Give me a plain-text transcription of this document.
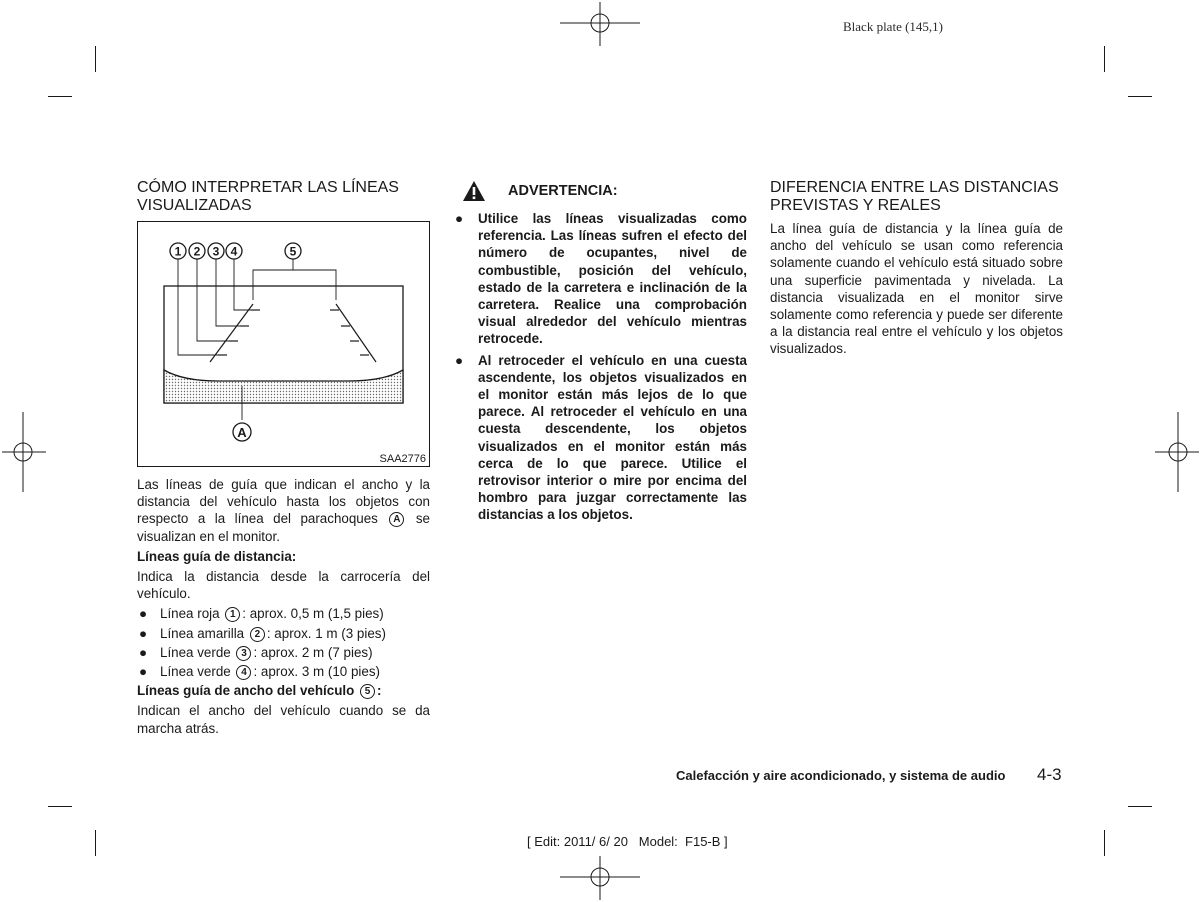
Black plate (145,1)
CÓMO INTERPRETAR LAS LÍNEAS
VISUALIZADAS
1 2 3 4	5
A
SAA2776
Las líneas de guía que indican el ancho y la distancia del vehículo hasta los objetos con respecto a la línea del parachoques A se visualizan en el monitor.
Líneas guía de distancia:
Indica la distancia desde la carrocería del vehículo.
● Línea roja 1 : aprox. 0,5 m (1,5 pies)
● Línea amarilla 2 : aprox. 1 m (3 pies)
● Línea verde 3 : aprox. 2 m (7 pies)
● Línea verde 4 : aprox. 3 m (10 pies)
Líneas guía de ancho del vehículo 5 :
Indican el ancho del vehículo cuando se da marcha atrás.
ADVERTENCIA:
● Utilice las líneas visualizadas como referencia. Las líneas sufren el efecto del número de ocupantes, nivel de combustible, posición del vehículo, estado de la carretera e inclinación de la carretera. Realice una comprobación visual alrededor del vehículo mientras retrocede.
● Al retroceder el vehículo en una cuesta ascendente, los objetos visualizados en el monitor están más lejos de lo que parece. Al retroceder el vehículo en una cuesta descendente, los objetos visualizados en el monitor están más cerca de lo que parece. Utilice el retrovisor interior o mire por encima del hombro para juzgar correctamente las distancias a los objetos.
DIFERENCIA ENTRE LAS DISTANCIAS
PREVISTAS Y REALES
La línea guía de distancia y la línea guía de ancho del vehículo se usan como referencia solamente cuando el vehículo está situado sobre una superficie pavimentada y nivelada. La distancia visualizada en el monitor sirve solamente como referencia y puede ser diferente a la distancia real entre el vehículo y los objetos visualizados.
Calefacción y aire acondicionado, y sistema de audio 4-3
[ Edit: 2011/ 6/ 20   Model:  F15-B ]
